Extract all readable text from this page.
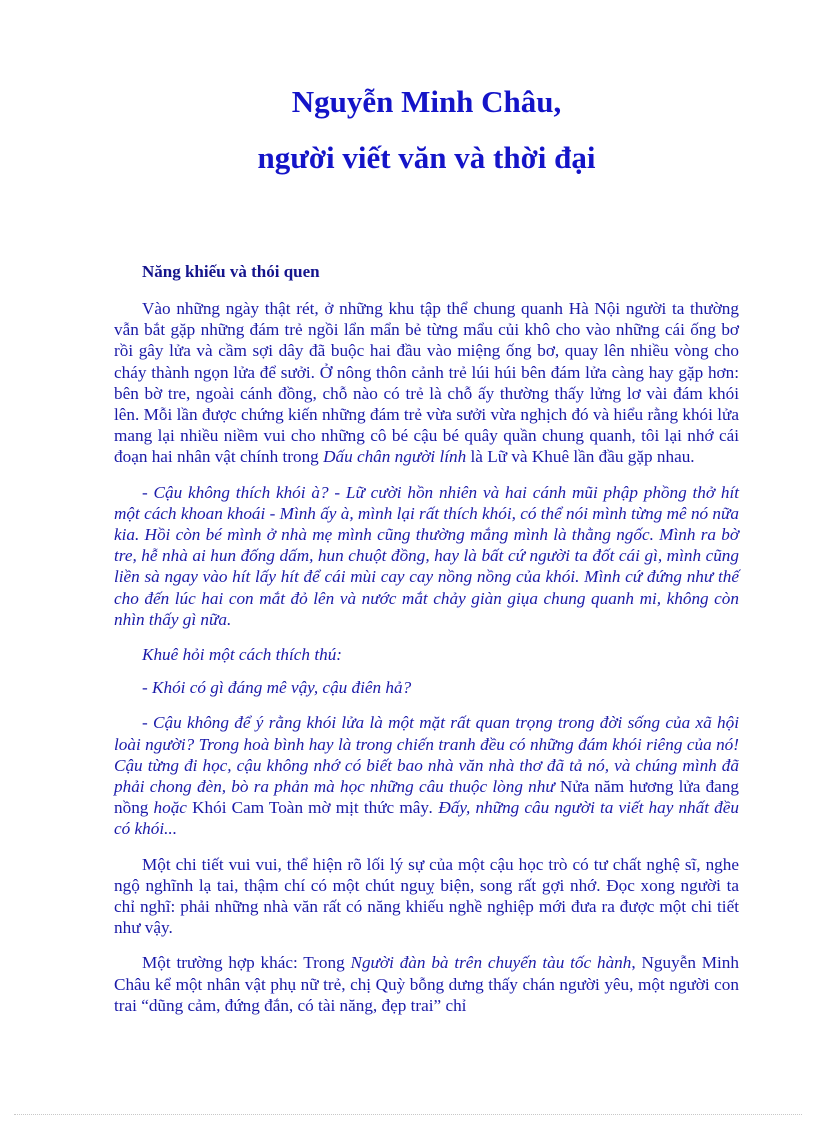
Nguyễn Minh Châu,
người viết văn và thời đại
Năng khiếu và thói quen

Vào những ngày thật rét, ở những khu tập thể chung quanh Hà Nội người ta thường vẫn bắt gặp những đám trẻ ngồi lẩn mẩn bẻ từng mẩu củi khô cho vào những cái ống bơ rồi gây lửa và cầm sợi dây đã buộc hai đầu vào miệng ống bơ, quay lên nhiều vòng cho cháy thành ngọn lửa để sưởi. Ở nông thôn cảnh trẻ lúi húi bên đám lửa càng hay gặp hơn: bên bờ tre, ngoài cánh đồng, chỗ nào có trẻ là chỗ ấy thường thấy lửng lơ vài đám khói lên. Mỗi lần được chứng kiến những đám trẻ vừa sưởi vừa nghịch đó và hiểu rằng khói lửa mang lại nhiều niềm vui cho những cô bé cậu bé quây quần chung quanh, tôi lại nhớ cái đoạn hai nhân vật chính trong Dấu chân người lính là Lữ và Khuê lần đầu gặp nhau.

- Cậu không thích khói à? - Lữ cười hồn nhiên và hai cánh mũi phập phồng thở hít một cách khoan khoái - Mình ấy à, mình lại rất thích khói, có thể nói mình từng mê nó nữa kia. Hồi còn bé mình ở nhà mẹ mình cũng thường mắng mình là thằng ngốc. Mình ra bờ tre, hễ nhà ai hun đống dấm, hun chuột đồng, hay là bất cứ người ta đốt cái gì, mình cũng liền sà ngay vào hít lấy hít để cái mùi cay cay nồng nồng của khói. Mình cứ đứng như thế cho đến lúc hai con mắt đỏ lên và nước mắt chảy giàn giụa chung quanh mi, không còn nhìn thấy gì nữa.

Khuê hỏi một cách thích thú:

- Khói có gì đáng mê vậy, cậu điên hả?

- Cậu không để ý rằng khói lửa là một mặt rất quan trọng trong đời sống của xã hội loài người? Trong hoà bình hay là trong chiến tranh đều có những đám khói riêng của nó! Cậu từng đi học, cậu không nhớ có biết bao nhà văn nhà thơ đã tả nó, và chúng mình đã phải chong đèn, bò ra phản mà học những câu thuộc lòng như Nửa năm hương lửa đang nồng hoặc Khói Cam Toàn mờ mịt thức mây. Đấy, những câu người ta viết hay nhất đều có khói...

Một chi tiết vui vui, thể hiện rõ lối lý sự của một cậu học trò có tư chất nghệ sĩ, nghe ngộ nghĩnh lạ tai, thậm chí có một chút nguỵ biện, song rất gợi nhớ. Đọc xong người ta chỉ nghĩ: phải những nhà văn rất có năng khiếu nghề nghiệp mới đưa ra được một chi tiết như vậy.

Một trường hợp khác: Trong Người đàn bà trên chuyến tàu tốc hành, Nguyễn Minh Châu kể một nhân vật phụ nữ trẻ, chị Quỳ bỗng dưng thấy chán người yêu, một người con trai “dũng cảm, đứng đắn, có tài năng, đẹp trai” chỉ
